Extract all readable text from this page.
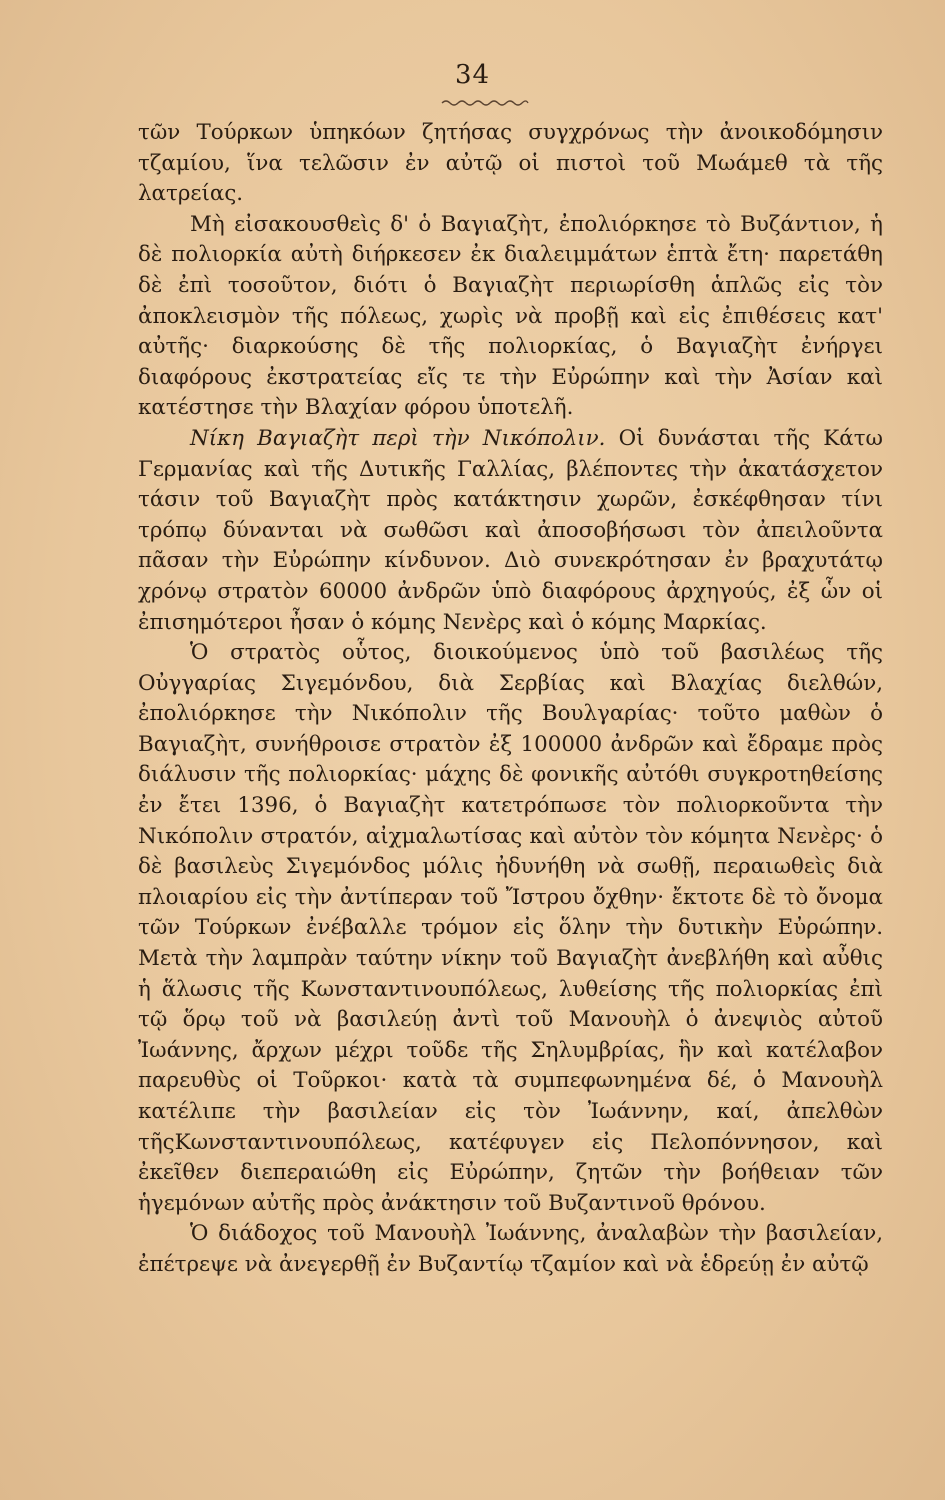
34

τῶν Τούρκων ὑπηκόων ζητήσας συγχρόνως τὴν ἀνοικοδόμησιν τζαμίου, ἵνα τελῶσιν ἐν αὐτῷ οἱ πιστοὶ τοῦ Μωάμεθ τὰ τῆς λατρείας.

Μὴ εἰσακουσθεὶς δ' ὁ Βαγιαζὴτ, ἐπολιόρκησε τὸ Βυζάντιον, ἡ δὲ πολιορκία αὐτὴ διήρκεσεν ἐκ διαλειμμάτων ἑπτὰ ἔτη· παρετάθη δὲ ἐπὶ τοσοῦτον, διότι ὁ Βαγιαζὴτ περιωρίσθη ἁπλῶς εἰς τὸν ἀποκλεισμὸν τῆς πόλεως, χωρὶς νὰ προβῇ καὶ εἰς ἐπιθέσεις κατ' αὐτῆς· διαρκούσης δὲ τῆς πολιορκίας, ὁ Βαγιαζὴτ ἐνήργει διαφόρους ἐκστρατείας εἴς τε τὴν Εὐρώπην καὶ τὴν Ἀσίαν καὶ κατέστησε τὴν Βλαχίαν φόρου ὑποτελῆ.

Νίκη Βαγιαζὴτ περὶ τὴν Νικόπολιν. Οἱ δυνάσται τῆς Κάτω Γερμανίας καὶ τῆς Δυτικῆς Γαλλίας, βλέποντες τὴν ἀκατάσχετον τάσιν τοῦ Βαγιαζὴτ πρὸς κατάκτησιν χωρῶν, ἐσκέφθησαν τίνι τρόπῳ δύνανται νὰ σωθῶσι καὶ ἀποσοβήσωσι τὸν ἀπειλοῦντα πᾶσαν τὴν Εὐρώπην κίνδυνον. Διὸ συνεκρότησαν ἐν βραχυτάτῳ χρόνῳ στρατὸν 60000 ἀνδρῶν ὑπὸ διαφόρους ἀρχηγούς, ἐξ ὧν οἱ ἐπισημότεροι ἦσαν ὁ κόμης Νενὲρς καὶ ὁ κόμης Μαρκίας.

Ὁ στρατὸς οὗτος, διοικούμενος ὑπὸ τοῦ βασιλέως τῆς Οὐγγαρίας Σιγεμόνδου, διὰ Σερβίας καὶ Βλαχίας διελθών, ἐπολιόρκησε τὴν Νικόπολιν τῆς Βουλγαρίας· τοῦτο μαθὼν ὁ Βαγιαζὴτ, συνήθροισε στρατὸν ἐξ 100000 ἀνδρῶν καὶ ἔδραμε πρὸς διάλυσιν τῆς πολιορκίας· μάχης δὲ φονικῆς αὐτόθι συγκροτηθείσης ἐν ἔτει 1396, ὁ Βαγιαζὴτ κατετρόπωσε τὸν πολιορκοῦντα τὴν Νικόπολιν στρατόν, αἰχμαλωτίσας καὶ αὐτὸν τὸν κόμητα Νενὲρς· ὁ δὲ βασιλεὺς Σιγεμόνδος μόλις ἠδυνήθη νὰ σωθῇ, περαιωθεὶς διὰ πλοιαρίου εἰς τὴν ἀντίπεραν τοῦ Ἴστρου ὄχθην· ἔκτοτε δὲ τὸ ὄνομα τῶν Τούρκων ἐνέβαλλε τρόμον εἰς ὅλην τὴν δυτικὴν Εὐρώπην. Μετὰ τὴν λαμπρὰν ταύτην νίκην τοῦ Βαγιαζὴτ ἀνεβλήθη καὶ αὖθις ἡ ἅλωσις τῆς Κωνσταντινουπόλεως, λυθείσης τῆς πολιορκίας ἐπὶ τῷ ὅρῳ τοῦ νὰ βασιλεύῃ ἀντὶ τοῦ Μανουὴλ ὁ ἀνεψιὸς αὐτοῦ Ἰωάννης, ἄρχων μέχρι τοῦδε τῆς Σηλυμβρίας, ἣν καὶ κατέλαβον παρευθὺς οἱ Τοῦρκοι· κατὰ τὰ συμπεφωνημένα δέ, ὁ Μανουὴλ κατέλιπε τὴν βασιλείαν εἰς τὸν Ἰωάννην, καί, ἀπελθὼν τῆςΚωνσταντινουπόλεως, κατέφυγεν εἰς Πελοπόννησον, καὶ ἐκεῖθεν διεπεραιώθη εἰς Εὐρώπην, ζητῶν τὴν βοήθειαν τῶν ἡγεμόνων αὐτῆς πρὸς ἀνάκτησιν τοῦ Βυζαντινοῦ θρόνου.

Ὁ διάδοχος τοῦ Μανουὴλ Ἰωάννης, ἀναλαβὼν τὴν βασιλείαν, ἐπέτρεψε νὰ ἀνεγερθῇ ἐν Βυζαντίῳ τζαμίον καὶ νὰ ἑδρεύῃ ἐν αὐτῷ
